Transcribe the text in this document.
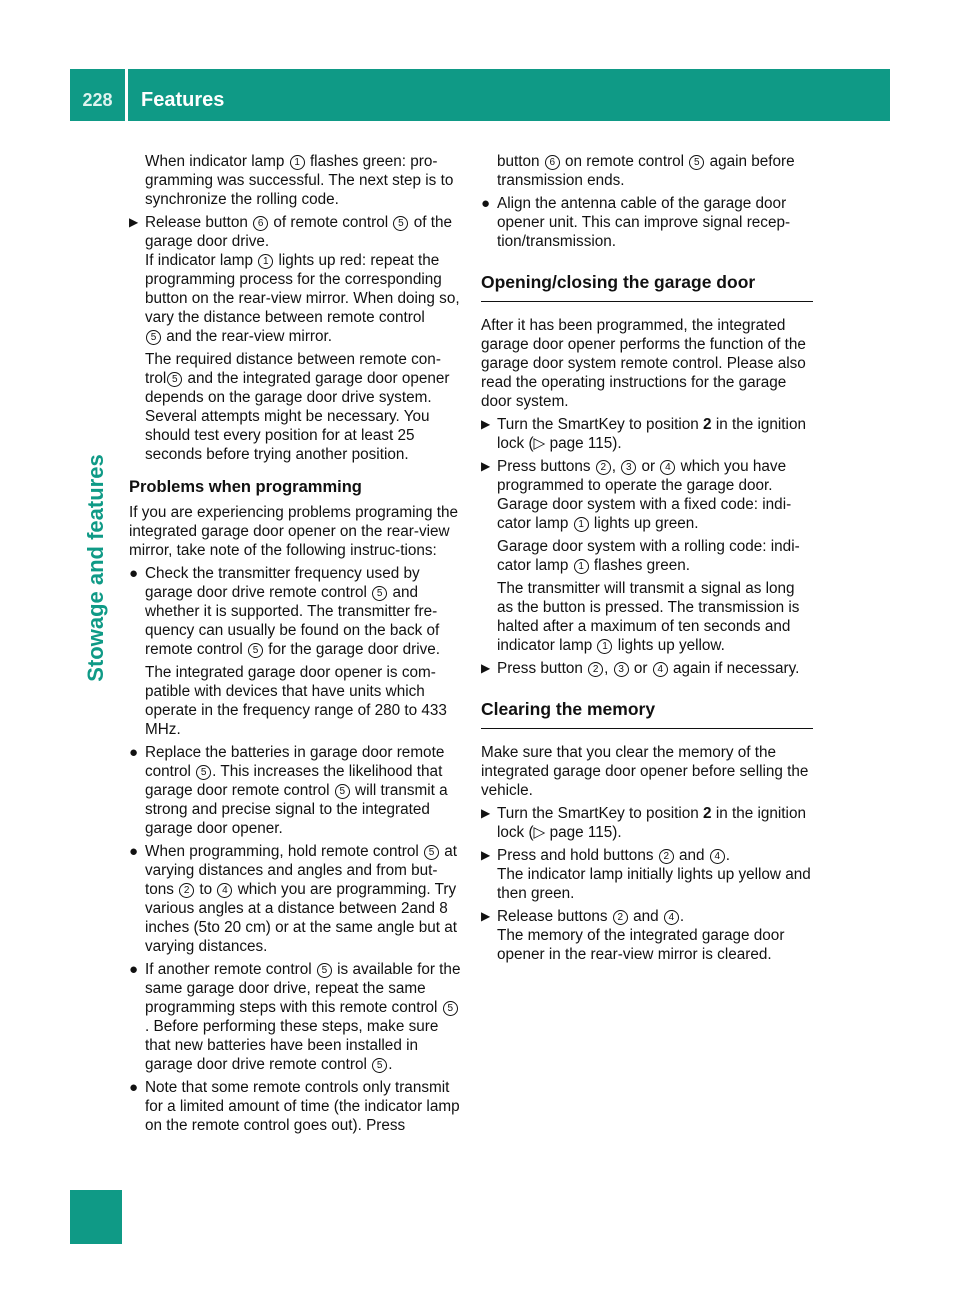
228	Features
Stowage and features

When indicator lamp 1 flashes green: pro-gramming was successful. The next step is to synchronize the rolling code.

▶ Release button 6 of remote control 5 of the garage door drive.
If indicator lamp 1 lights up red: repeat the programming process for the corresponding button on the rear-view mirror. When doing so, vary the distance between remote control
5 and the rear-view mirror.

The required distance between remote con-trol 5 and the integrated garage door opener depends on the garage door drive system. Several attempts might be necessary. You should test every position for at least 25 seconds before trying another position.

Problems when programming

If you are experiencing problems programing the integrated garage door opener on the rear-view mirror, take note of the following instruc-tions:

● Check the transmitter frequency used by garage door drive remote control 5 and whether it is supported. The transmitter fre-quency can usually be found on the back of remote control 5 for the garage door drive.

The integrated garage door opener is com-patible with devices that have units which operate in the frequency range of 280 to 433 MHz.

● Replace the batteries in garage door remote control 5 . This increases the likelihood that garage door remote control 5 will transmit a strong and precise signal to the integrated garage door opener.

● When programming, hold remote control 5 at varying distances and angles and from but-tons 2 to 4 which you are programming. Try various angles at a distance between 2and 8 inches (5to 20 cm) or at the same angle but at varying distances.

● If another remote control 5 is available for the same garage door drive, repeat the same programming steps with this remote control 5. Before performing these steps, make sure that new batteries have been installed in garage door drive remote control 5 .

● Note that some remote controls only transmit for a limited amount of time (the indicator lamp on the remote control goes out). Press

button 6 on remote control 5 again before transmission ends.

● Align the antenna cable of the garage door opener unit. This can improve signal recep-tion/transmission.

Opening/closing the garage door

After it has been programmed, the integrated garage door opener performs the function of the garage door system remote control. Please also read the operating instructions for the garage door system.

▶ Turn the SmartKey to position 2 in the ignition lock (▷ page 115).

▶ Press buttons 2 , 3 or 4 which you have programmed to operate the garage door.
Garage door system with a fixed code: indi-cator lamp 1 lights up green.

Garage door system with a rolling code: indi-cator lamp 1 flashes green.

The transmitter will transmit a signal as long as the button is pressed. The transmission is halted after a maximum of ten seconds and indicator lamp 1 lights up yellow.

▶ Press button 2 , 3 or 4 again if necessary.

Clearing the memory

Make sure that you clear the memory of the integrated garage door opener before selling the vehicle.

▶ Turn the SmartKey to position 2 in the ignition lock (▷ page 115).

▶ Press and hold buttons 2 and 4 .
The indicator lamp initially lights up yellow and then green.

▶ Release buttons 2 and 4 .
The memory of the integrated garage door opener in the rear-view mirror is cleared.
